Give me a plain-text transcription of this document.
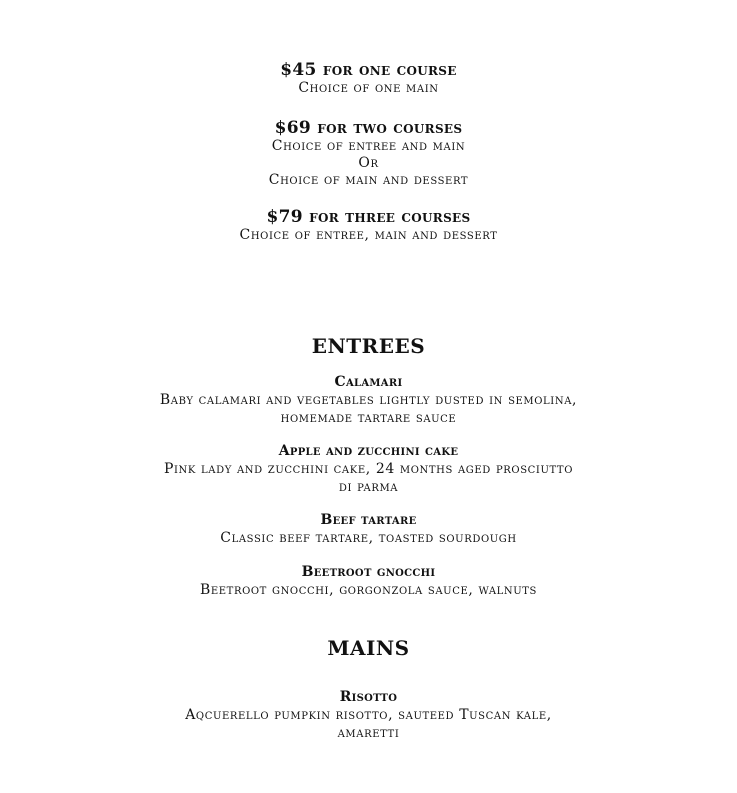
$45 for one course
Choice of one main
$69 for two courses
Choice of entree and main
Or
Choice of main and dessert
$79 for three courses
Choice of entree, main and dessert
ENTREES
Calamari
Baby calamari and vegetables lightly dusted in semolina,
homemade tartare sauce
Apple and zucchini cake
Pink lady and zucchini cake, 24 months aged prosciutto
di parma
Beef tartare
Classic beef tartare, toasted sourdough
Beetroot gnocchi
Beetroot gnocchi, gorgonzola sauce, walnuts
MAINS
Risotto
Aqcuerello pumpkin risotto, sauteed Tuscan kale,
amaretti
